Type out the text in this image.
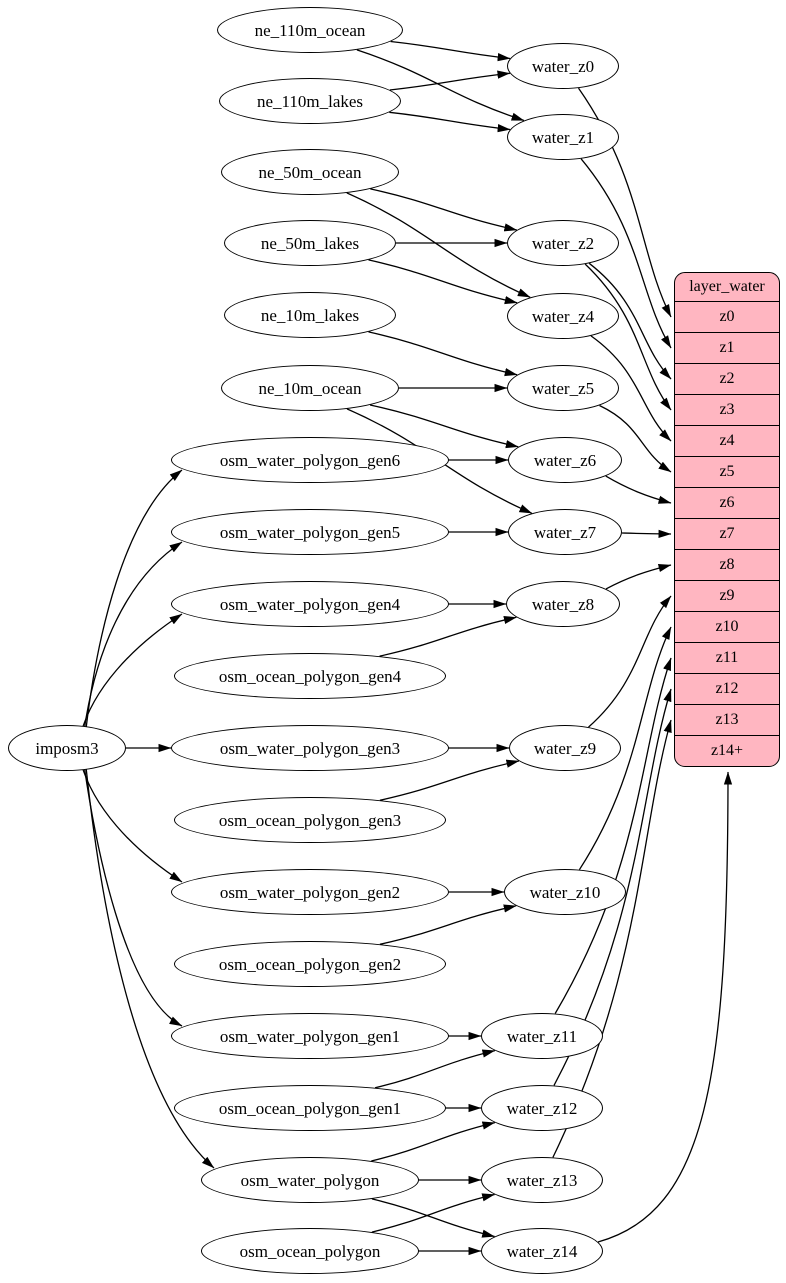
imposm3
ne_110m_ocean
ne_110m_lakes
ne_50m_ocean
ne_50m_lakes
ne_10m_lakes
ne_10m_ocean
osm_water_polygon_gen6
osm_water_polygon_gen5
osm_water_polygon_gen4
osm_ocean_polygon_gen4
osm_water_polygon_gen3
osm_ocean_polygon_gen3
osm_water_polygon_gen2
osm_ocean_polygon_gen2
osm_water_polygon_gen1
osm_ocean_polygon_gen1
osm_water_polygon
osm_ocean_polygon
water_z0
water_z1
water_z2
water_z4
water_z5
water_z6
water_z7
water_z8
water_z9
water_z10
water_z11
water_z12
water_z13
water_z14
layer_water
z0
z1
z2
z3
z4
z5
z6
z7
z8
z9
z10
z11
z12
z13
z14+
